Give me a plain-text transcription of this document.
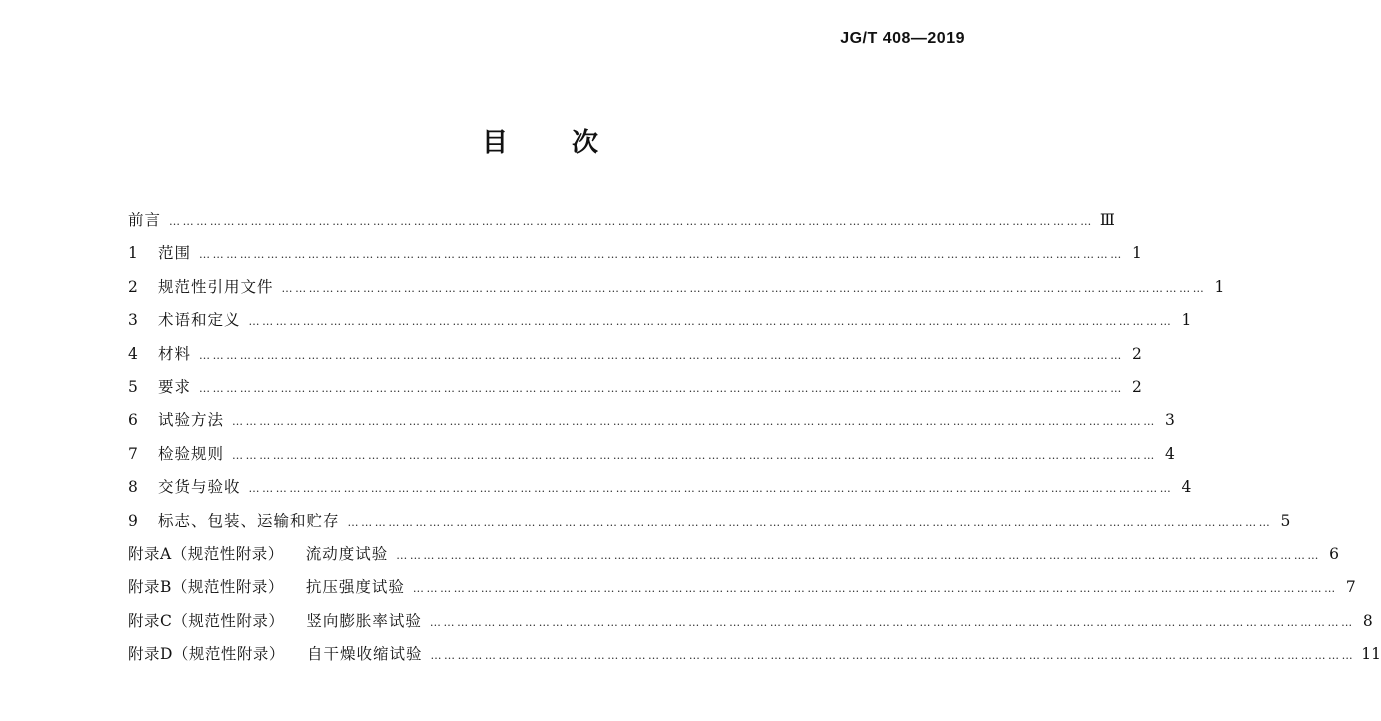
JG/T 408—2019
目 次
前言 …………………………………………………………………………………………………………………………………………………………………………………… Ⅲ
1	范围 …………………………………………………………………………………………………………………………………………………………………………………… 1
2	规范性引用文件 …………………………………………………………………………………………………………………………………………………………………………………… 1
3	术语和定义 …………………………………………………………………………………………………………………………………………………………………………………… 1
4	材料 …………………………………………………………………………………………………………………………………………………………………………………… 2
5	要求 …………………………………………………………………………………………………………………………………………………………………………………… 2
6	试验方法 …………………………………………………………………………………………………………………………………………………………………………………… 3
7	检验规则 …………………………………………………………………………………………………………………………………………………………………………………… 4
8	交货与验收 …………………………………………………………………………………………………………………………………………………………………………………… 4
9	标志、包装、运输和贮存 …………………………………………………………………………………………………………………………………………………………………………………… 5
附录A（规范性附录） 流动度试验 …………………………………………………………………………………………………………………………………………………………………………………… 6
附录B（规范性附录） 抗压强度试验 …………………………………………………………………………………………………………………………………………………………………………………… 7
附录C（规范性附录） 竖向膨胀率试验 …………………………………………………………………………………………………………………………………………………………………………………… 8
附录D（规范性附录） 自干燥收缩试验 …………………………………………………………………………………………………………………………………………………………………………………… 11
